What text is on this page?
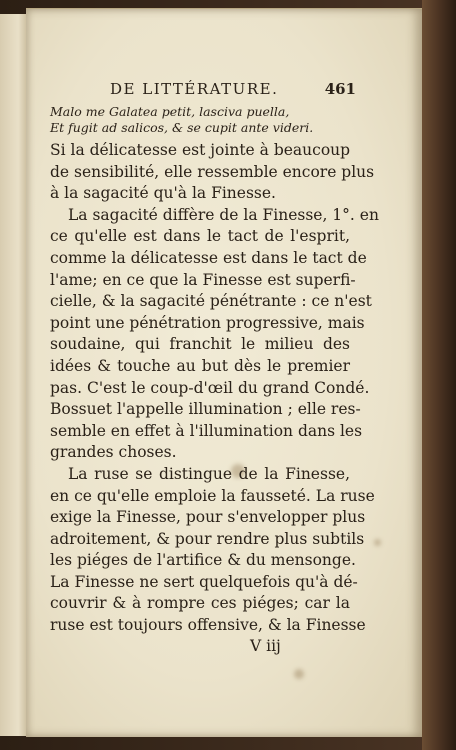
DE LITTÉRATURE.	461
Malo me Galatea petit, lasciva puella,
Et fugit ad salicos, & se cupit ante videri.
Si la délicatesse est jointe à beaucoup
de sensibilité, elle ressemble encore plus
à la sagacité qu'à la Finesse.
La sagacité diffère de la Finesse, 1°. en
ce qu'elle est dans le tact de l'esprit,
comme la délicatesse est dans le tact de
l'ame; en ce que la Finesse est superfi-
cielle, & la sagacité pénétrante : ce n'est
point une pénétration progressive, mais
soudaine, qui franchit le milieu des
idées & touche au but dès le premier
pas. C'est le coup-d'œil du grand Condé.
Bossuet l'appelle illumination ; elle res-
semble en effet à l'illumination dans les
grandes choses.
La ruse se distingue de la Finesse,
en ce qu'elle emploie la fausseté. La ruse
exige la Finesse, pour s'envelopper plus
adroitement, & pour rendre plus subtils
les piéges de l'artifice & du mensonge.
La Finesse ne sert quelquefois qu'à dé-
couvrir & à rompre ces piéges; car la
ruse est toujours offensive, & la Finesse
V iij
